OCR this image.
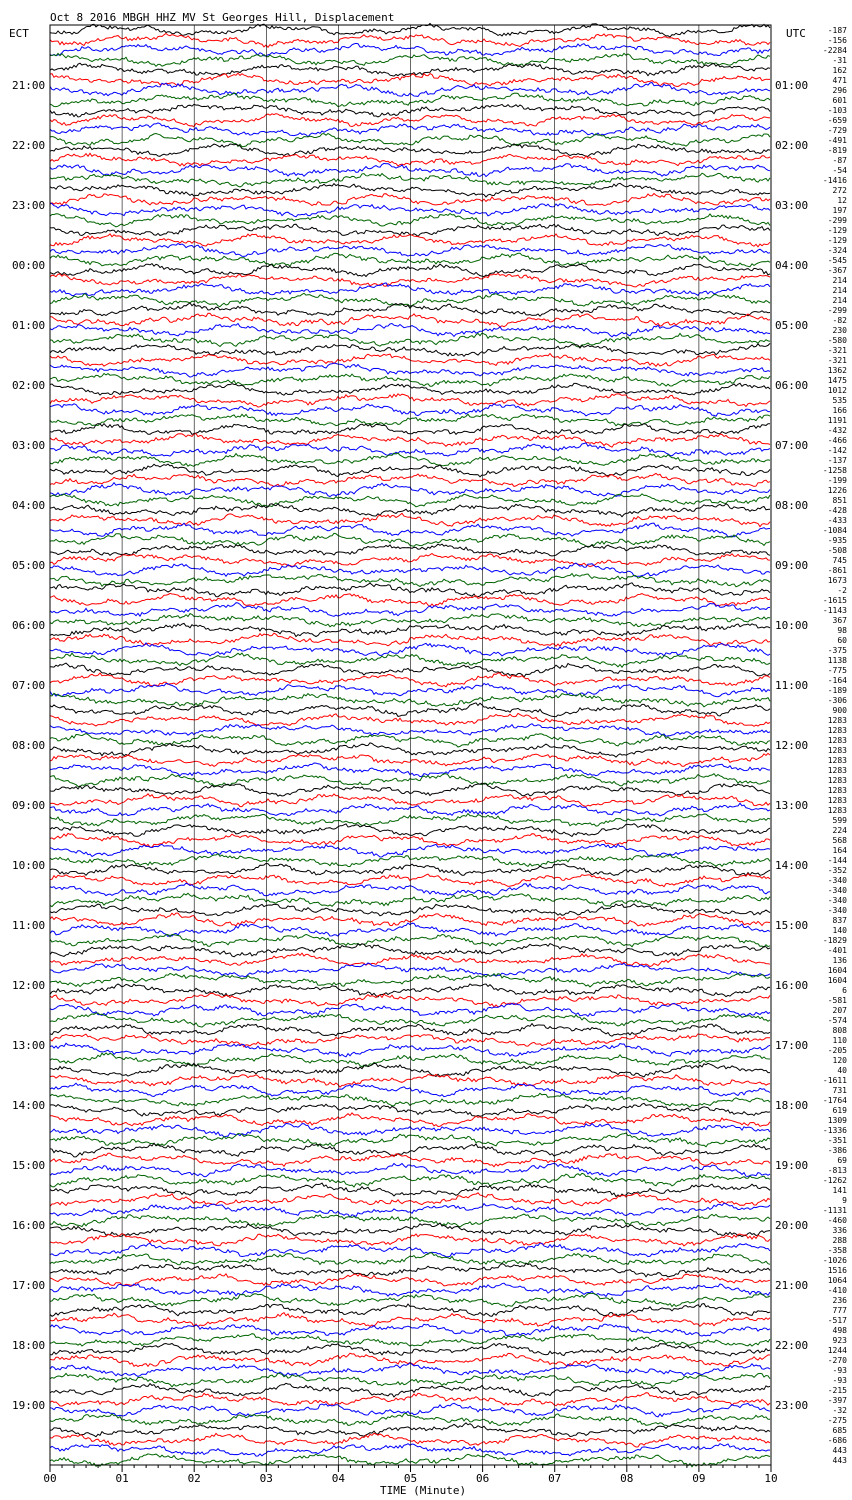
Oct 8 2016 MBGH HHZ MV St Georges Hill, Displacement
ECT	UTC
TIME (Minute)
00	01	02	03	04	05	06	07	08	09	10
21:00
22:00
23:00
00:00
01:00
02:00
03:00
04:00
05:00
06:00
07:00
08:00
09:00
10:00
11:00
12:00
13:00
14:00
15:00
16:00
17:00
18:00
19:00
01:00
02:00
03:00
04:00
05:00
06:00
07:00
08:00
09:00
10:00
11:00
12:00
13:00
14:00
15:00
16:00
17:00
18:00
19:00
20:00
21:00
22:00
23:00
-187
-156
-2284
-31
162
471
296
601
-103
-659
-729
-491
-819
-87
-54
-1416
272
12
197
-299
-129
-129
-324
-545
-367
214
214
214
-299
-82
230
-580
-321
-321
1362
1475
1012
535
166
1191
-432
-466
-142
-137
-1258
-199
1226
851
-428
-433
-1084
-935
-508
745
-861
1673
-2
-1615
-1143
367
98
60
-375
1138
-775
-164
-189
-306
900
1283
1283
1283
1283
1283
1283
1283
1283
1283
1283
599
224
568
164
-144
-352
-340
-340
-340
-340
837
140
-1829
-401
136
1604
1604
6
-581
207
-574
808
110
-205
120
40
-1611
731
-1764
619
1309
-1336
-351
-386
69
-813
-1262
141
9
-1131
-460
336
288
-358
-1026
1516
1064
-410
236
777
-517
498
923
1244
-270
-93
-93
-215
-397
-32
-275
685
-686
443
443
